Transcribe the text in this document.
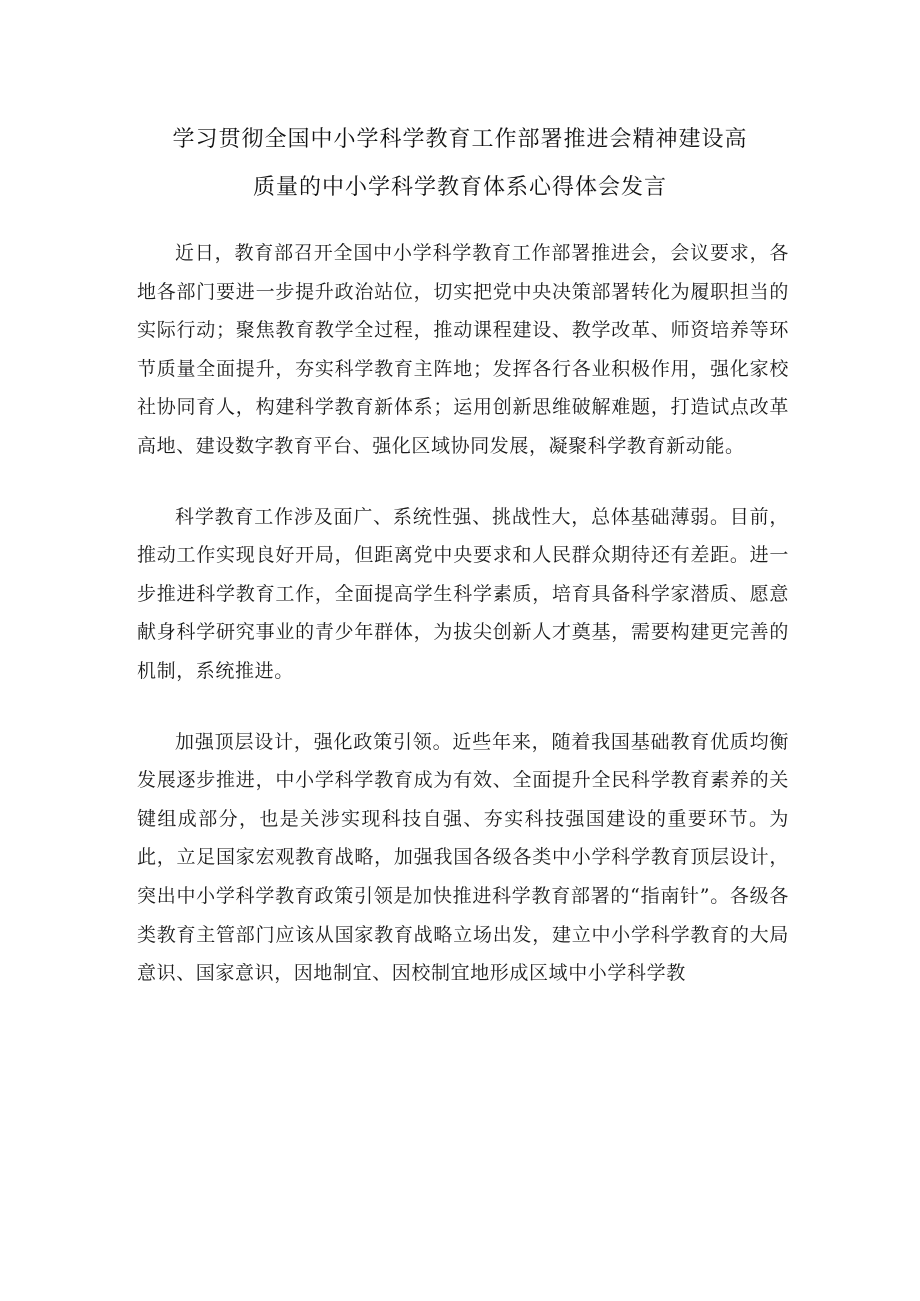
学习贯彻全国中小学科学教育工作部署推进会精神建设高
质量的中小学科学教育体系心得体会发言

近日，教育部召开全国中小学科学教育工作部署推进会，会议要求，各地各部门要进一步提升政治站位，切实把党中央决策部署转化为履职担当的实际行动；聚焦教育教学全过程，推动课程建设、教学改革、师资培养等环节质量全面提升，夯实科学教育主阵地；发挥各行各业积极作用，强化家校社协同育人，构建科学教育新体系；运用创新思维破解难题，打造试点改革高地、建设数字教育平台、强化区域协同发展，凝聚科学教育新动能。

科学教育工作涉及面广、系统性强、挑战性大，总体基础薄弱。目前，推动工作实现良好开局，但距离党中央要求和人民群众期待还有差距。进一步推进科学教育工作，全面提高学生科学素质，培育具备科学家潜质、愿意献身科学研究事业的青少年群体，为拔尖创新人才奠基，需要构建更完善的机制，系统推进。

加强顶层设计，强化政策引领。近些年来，随着我国基础教育优质均衡发展逐步推进，中小学科学教育成为有效、全面提升全民科学教育素养的关键组成部分，也是关涉实现科技自强、夯实科技强国建设的重要环节。为此，立足国家宏观教育战略，加强我国各级各类中小学科学教育顶层设计，突出中小学科学教育政策引领是加快推进科学教育部署的“指南针”。各级各类教育主管部门应该从国家教育战略立场出发，建立中小学科学教育的大局意识、国家意识，因地制宜、因校制宜地形成区域中小学科学教
